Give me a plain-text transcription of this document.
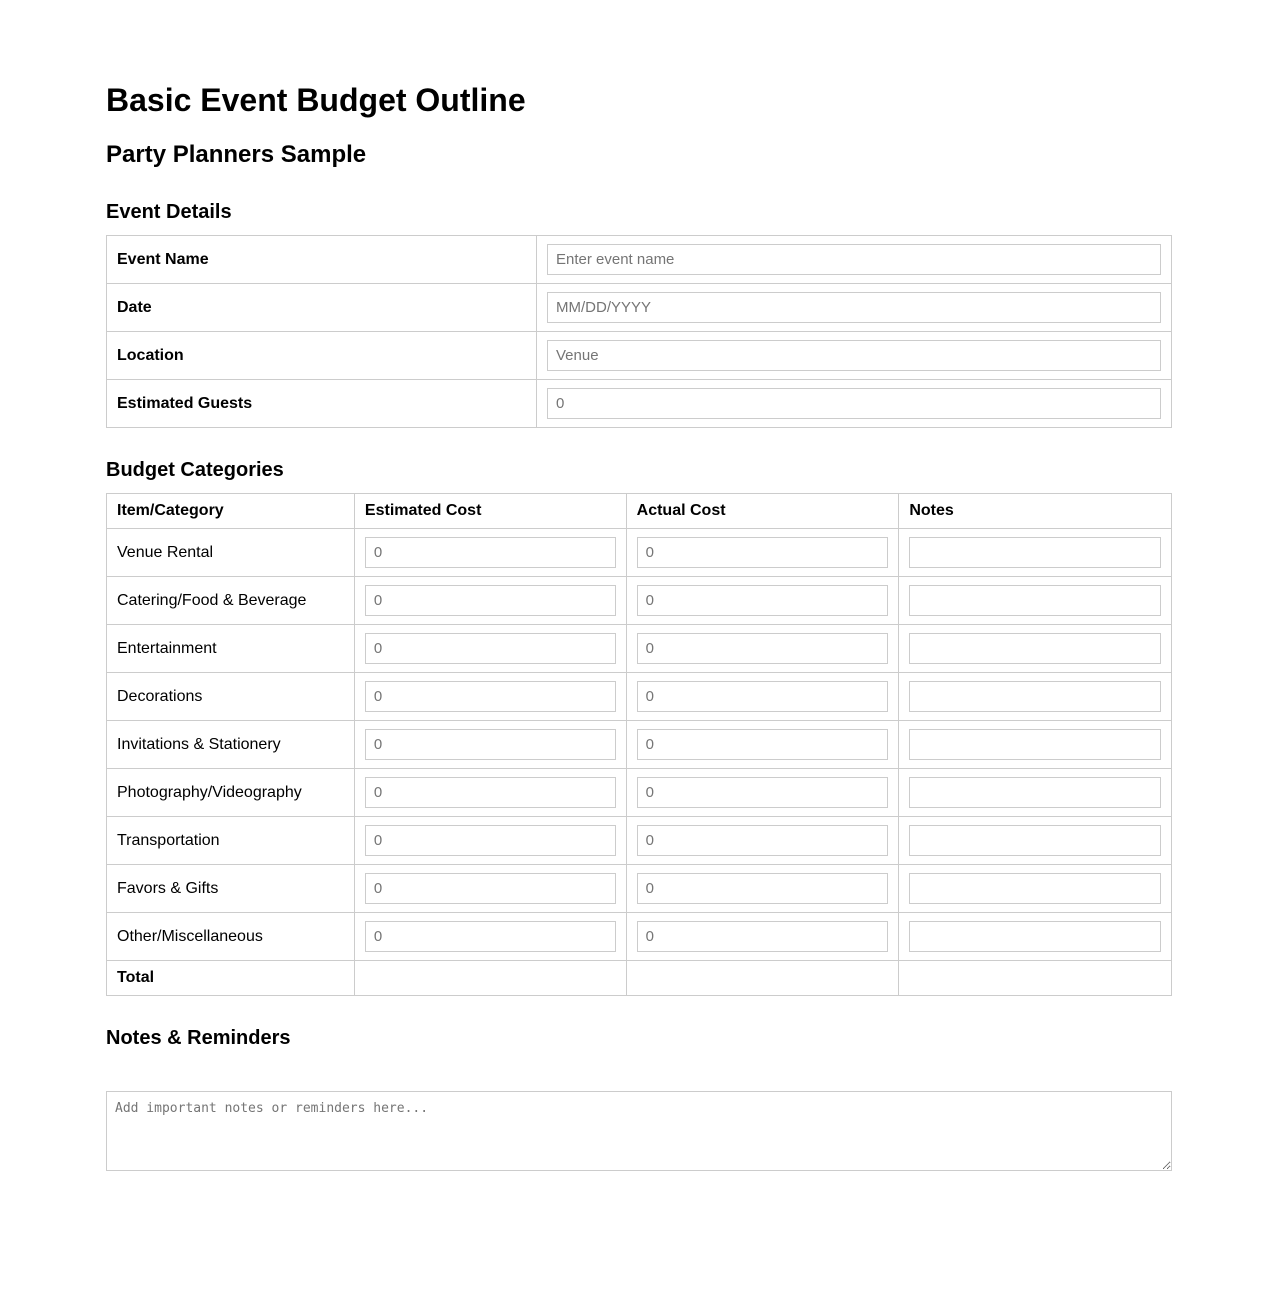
Basic Event Budget Outline
Party Planners Sample
Event Details
Event Name	Enter event name

Date	MM/DD/YYYY

Location	Venue

Estimated Guests	0
Budget Categories
Item/Category	Estimated Cost	Actual Cost	Notes
Venue Rental	0	0

Catering/Food & Beverage	0	0

Entertainment	0	0

Decorations	0	0

Invitations & Stationery	0	0

Photography/Videography	0	0

Transportation	0	0

Favors & Gifts	0	0

Other/Miscellaneous	0	0

Total			
Notes & Reminders
Add important notes or reminders here...
